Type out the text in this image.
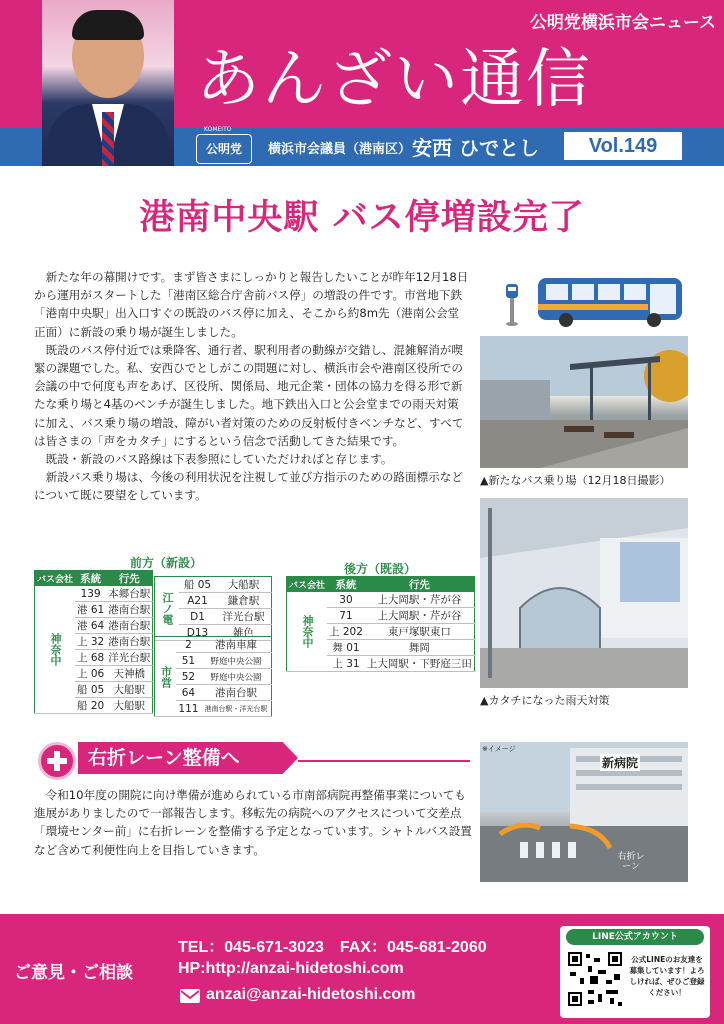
公明党横浜市会ニュース
あんざい通信
KOMEITO
公明党	横浜市会議員（港南区） 安西 ひでとし	Vol.149
港南中央駅 バス停増設完了

新たな年の幕開けです。まず皆さまにしっかりと報告したいことが昨年12月18日から運用がスタートした「港南区総合庁舎前バス停」の増設の件です。市営地下鉄「港南中央駅」出入口すぐの既設のバス停に加え、そこから約8m先（港南公会堂正面）に新設の乗り場が誕生しました。

既設のバス停付近では乗降客、通行者、駅利用者の動線が交錯し、混雑解消が喫緊の課題でした。私、安西ひでとしがこの問題に対し、横浜市会や港南区役所での会議の中で何度も声をあげ、区役所、関係局、地元企業・団体の協力を得る形で新たな乗り場と4基のベンチが誕生しました。地下鉄出入口と公会堂までの雨天対策に加え、バス乗り場の増設、障がい者対策のための反射板付きベンチなど、すべては皆さまの「声をカタチ」にするという信念で活動してきた結果です。

既設・新設のバス路線は下表参照にしていただければと存じます。

新設バス乗り場は、今後の利用状況を注視して並び方指示のための路面標示などについて既に要望をしています。

▲新たなバス乗り場（12月18日撮影）
▲カタチになった雨天対策
前方（新設）
バス会社	系統	行先
神奈中	139	本郷台駅
	港 61	港南台駅
	港 64	港南台駅
	上 32	港南台駅
	上 68	洋光台駅
	上 06	天神橋
	船 05	大船駅
	船 20	大船駅
江ノ電	船 05	大船駅
	A21	鎌倉駅
	D1	洋光台駅
	D13	雑色
市営	2	港南車庫
	51	野庭中央公園
	52	野庭中央公園
	64	港南台駅
	111	港南台駅・洋光台駅
後方（既設）
バス会社	系統	行先
神奈中	30	上大岡駅・芹が谷
	71	上大岡駅・芹が谷
	上 202	東戸塚駅東口
	舞 01	舞岡
	上 31	上大岡駅・下野庭三田
右折レーン整備へ

令和10年度の開院に向け準備が進められている市南部病院再整備事業についても進展がありましたので一部報告します。移転先の病院へのアクセスについて交差点「環境センター前」に右折レーンを整備する予定となっています。シャトルバス設置など含めて利便性向上を目指していきます。

※イメージ
新病院
右折レーン
ご意見・ご相談
TEL：045-671-3023　FAX：045-681-2060
HP:http://anzai-hidetoshi.com
anzai@anzai-hidetoshi.com
LINE公式アカウント
公式LINEのお友達を募集しています！よろしければ、ぜひご登録ください！
